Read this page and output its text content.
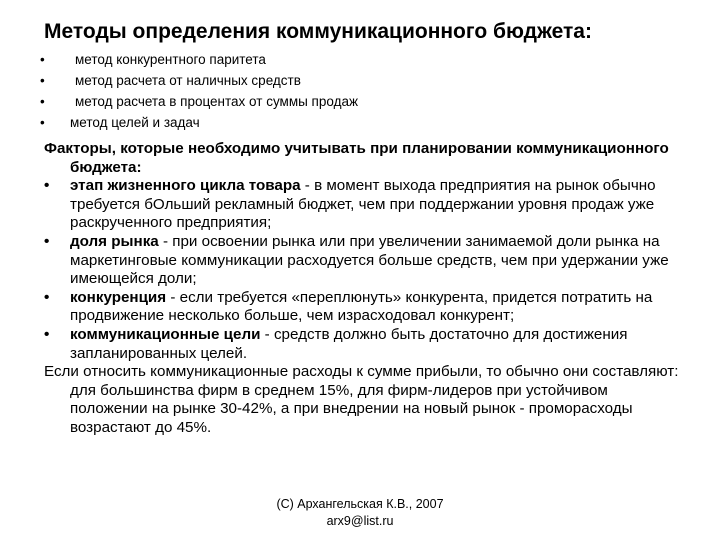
Методы определения коммуникационного бюджета:
• метод конкурентного паритета
• метод расчета от наличных средств
• метод расчета в процентах от суммы продаж
• метод целей и задач
Факторы, которые необходимо учитывать при планировании коммуникационного бюджета:
• этап жизненного цикла товара - в момент выхода предприятия на рынок обычно требуется бОльший рекламный бюджет, чем при поддержании уровня продаж уже раскрученного предприятия;
• доля рынка - при освоении рынка или при увеличении занимаемой доли рынка на маркетинговые коммуникации расходуется больше средств, чем при удержании уже имеющейся доли;
• конкуренция - если требуется «переплюнуть» конкурента, придется потратить на продвижение несколько больше, чем израсходовал конкурент;
• коммуникационные цели - средств должно быть достаточно для достижения запланированных целей.
Если относить коммуникационные расходы к сумме прибыли, то обычно они составляют: для большинства фирм в среднем 15%, для фирм-лидеров при устойчивом положении на рынке 30-42%, а при внедрении на новый рынок - проморасходы возрастают до 45%.
(С) Архангельская К.В., 2007
arx9@list.ru
